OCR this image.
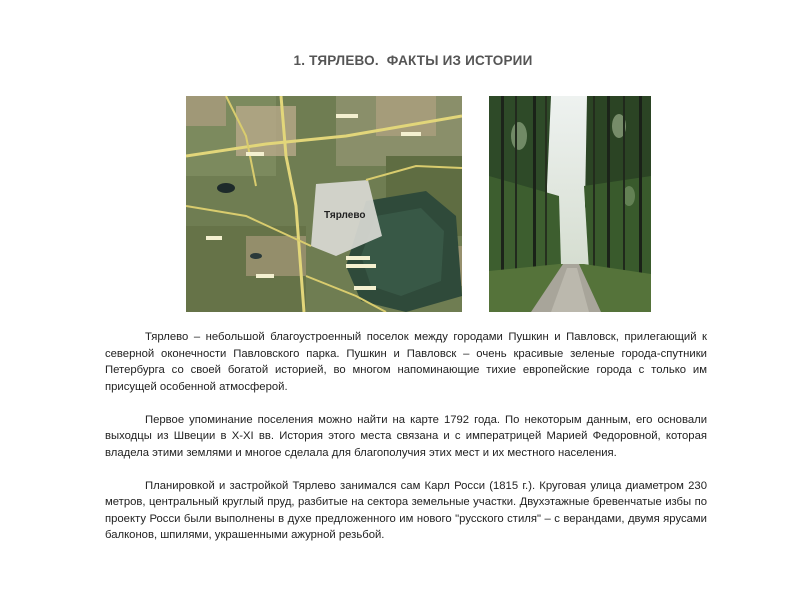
1. ТЯРЛЕВО.  ФАКТЫ ИЗ ИСТОРИИ
Тярлево

Тярлево – небольшой благоустроенный поселок между городами Пушкин и Павловск, прилегающий к северной оконечности Павловского парка. Пушкин и Павловск – очень красивые зеленые города-спутники Петербурга со своей богатой историей, во многом напоминающие тихие европейские города с только им присущей особенной атмосферой.

Первое упоминание поселения можно найти на карте 1792 года. По некоторым данным, его основали выходцы из Швеции в X-XI вв. История этого места связана и с императрицей Марией Федоровной, которая владела этими землями и многое сделала для благополучия этих мест и их местного населения.

Планировкой и застройкой Тярлево занимался сам Карл Росси (1815 г.). Круговая улица диаметром 230 метров, центральный круглый пруд, разбитые на сектора земельные участки. Двухэтажные бревенчатые избы по проекту Росси были выполнены в духе предложенного им нового "русского стиля" – с верандами, двумя ярусами балконов, шпилями, украшенными ажурной резьбой.
